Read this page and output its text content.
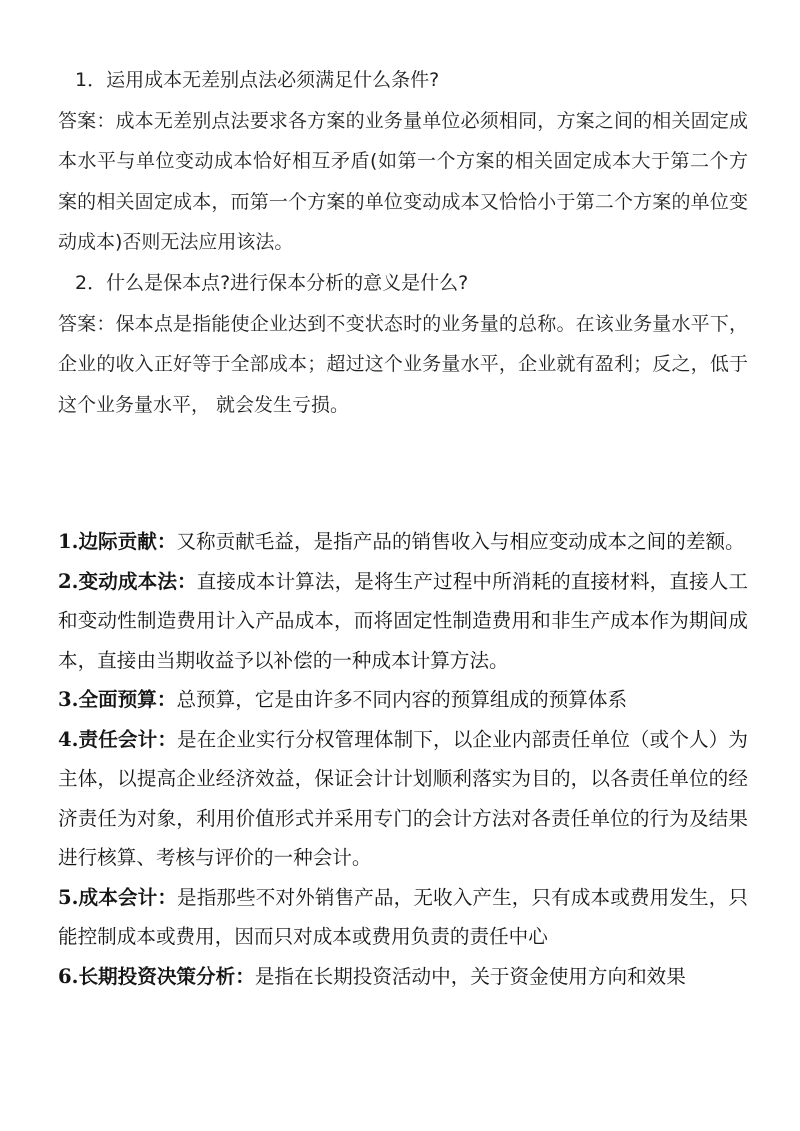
1．运用成本无差别点法必须满足什么条件?
答案：成本无差别点法要求各方案的业务量单位必须相同，方案之间的相关固定成本水平与单位变动成本恰好相互矛盾(如第一个方案的相关固定成本大于第二个方案的相关固定成本，而第一个方案的单位变动成本又恰恰小于第二个方案的单位变动成本)否则无法应用该法。
2．什么是保本点?进行保本分析的意义是什么?
答案：保本点是指能使企业达到不变状态时的业务量的总称。在该业务量水平下，企业的收入正好等于全部成本；超过这个业务量水平，企业就有盈利；反之，低于这个业务量水平， 就会发生亏损。
1.边际贡献：又称贡献毛益，是指产品的销售收入与相应变动成本之间的差额。
2.变动成本法：直接成本计算法，是将生产过程中所消耗的直接材料，直接人工和变动性制造费用计入产品成本，而将固定性制造费用和非生产成本作为期间成本，直接由当期收益予以补偿的一种成本计算方法。
3.全面预算：总预算，它是由许多不同内容的预算组成的预算体系
4.责任会计：是在企业实行分权管理体制下，以企业内部责任单位（或个人）为主体，以提高企业经济效益，保证会计计划顺利落实为目的，以各责任单位的经济责任为对象，利用价值形式并采用专门的会计方法对各责任单位的行为及结果进行核算、考核与评价的一种会计。
5.成本会计：是指那些不对外销售产品，无收入产生，只有成本或费用发生，只能控制成本或费用，因而只对成本或费用负责的责任中心
6.长期投资决策分析：是指在长期投资活动中，关于资金使用方向和效果
